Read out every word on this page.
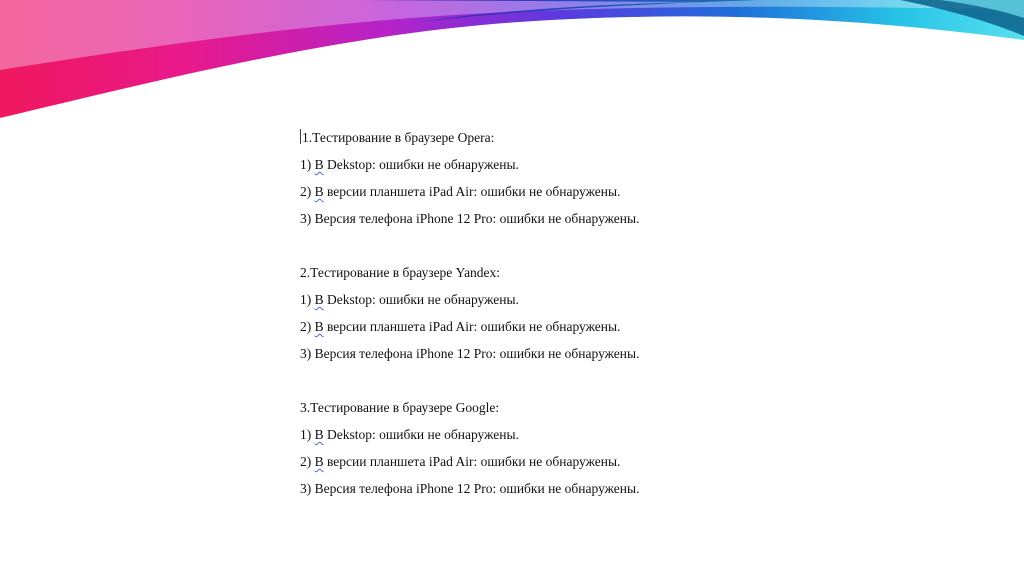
1.Тестирование в браузере Opera:
1) В Dekstop: ошибки не обнаружены.
2) В версии планшета iPad Air: ошибки не обнаружены.
3) Версия телефона iPhone 12 Pro: ошибки не обнаружены.
2.Тестирование в браузере Yandex:
1) В Dekstop: ошибки не обнаружены.
2) В версии планшета iPad Air: ошибки не обнаружены.
3) Версия телефона iPhone 12 Pro: ошибки не обнаружены.
3.Тестирование в браузере Google:
1) В Dekstop: ошибки не обнаружены.
2) В версии планшета iPad Air: ошибки не обнаружены.
3) Версия телефона iPhone 12 Pro: ошибки не обнаружены.
